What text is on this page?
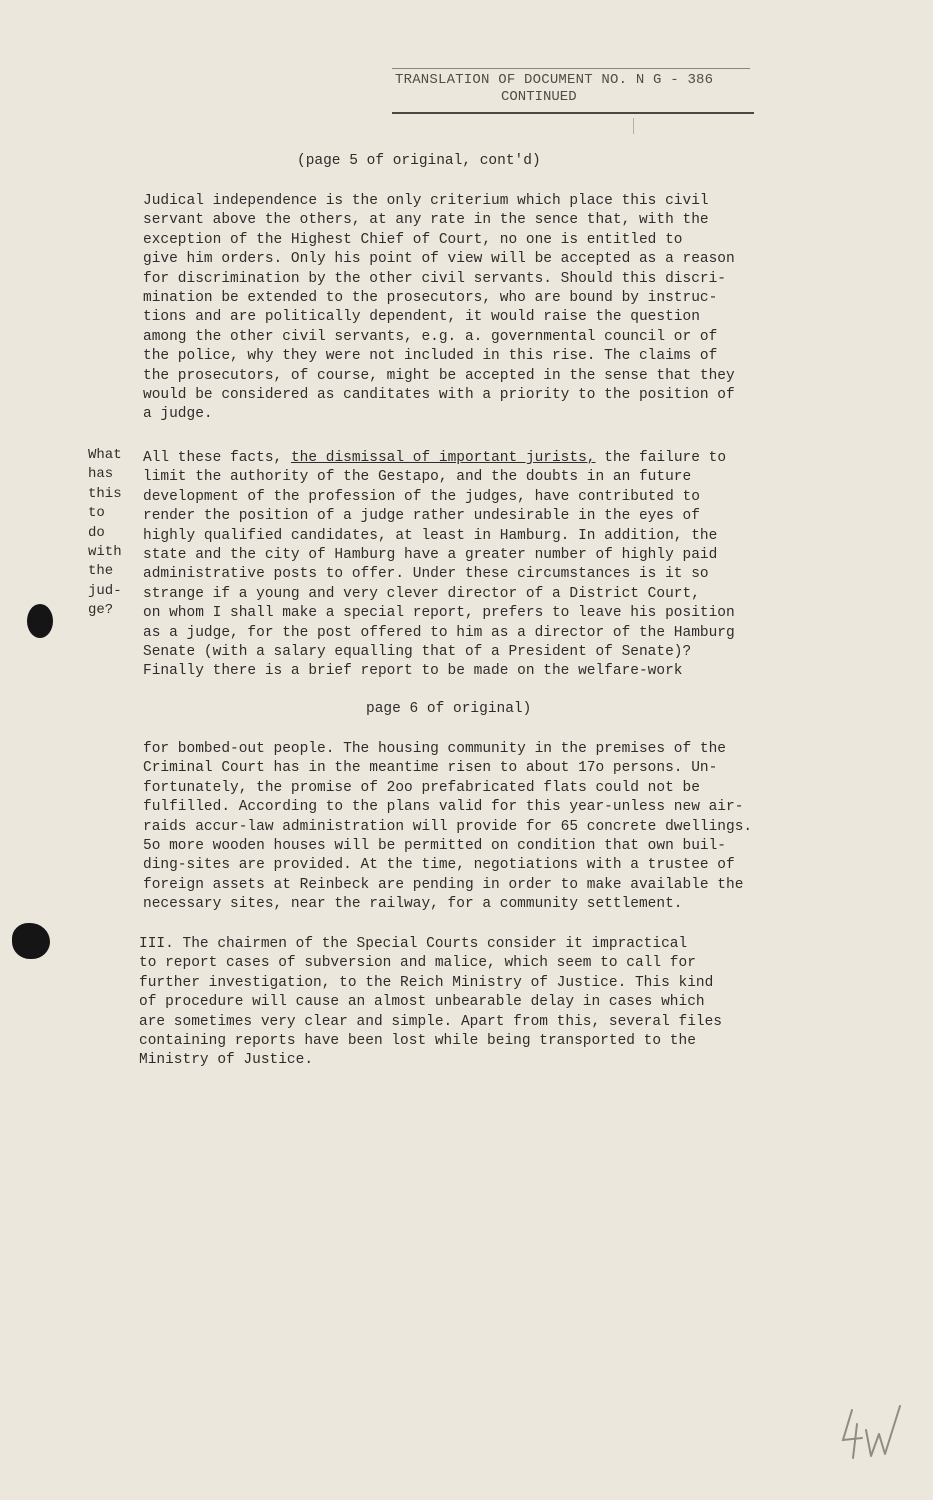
TRANSLATION OF DOCUMENT NO. N G - 386
CONTINUED
(page 5 of original, cont'd)

Judical independence is the only criterium which place this civil
servant above the others, at any rate in the sence that, with the
exception of the Highest Chief of Court, no one is entitled to
give him orders. Only his point of view will be accepted as a reason
for discrimination by the other civil servants. Should this discri-
mination be extended to the prosecutors, who are bound by instruc-
tions and are politically dependent, it would raise the question
among the other civil servants, e.g. a. governmental council or of
the police, why they were not included in this rise. The claims of
the prosecutors, of course, might be accepted in the sense that they
would be considered as canditates with a priority to the position of
a judge.

What
has
this
to
do
with
the
jud-
ge?

All these facts, the dismissal of important jurists, the failure to
limit the authority of the Gestapo, and the doubts in an future
development of the profession of the judges, have contributed to
render the position of a judge rather undesirable in the eyes of
highly qualified candidates, at least in Hamburg. In addition, the
state and the city of Hamburg have a greater number of highly paid
administrative posts to offer. Under these circumstances is it so
strange if a young and very clever director of a District Court,
on whom I shall make a special report, prefers to leave his position
as a judge, for the post offered to him as a director of the Hamburg
Senate (with a salary equalling that of a President of Senate)?
Finally there is a brief report to be made on the welfare-work

page 6 of original)

for bombed-out people. The housing community in the premises of the
Criminal Court has in the meantime risen to about 17o persons. Un-
fortunately, the promise of 2oo prefabricated flats could not be
fulfilled. According to the plans valid for this year-unless new air-
raids accur-law administration will provide for 65 concrete dwellings.
5o more wooden houses will be permitted on condition that own buil-
ding-sites are provided. At the time, negotiations with a trustee of
foreign assets at Reinbeck are pending in order to make available the
necessary sites, near the railway, for a community settlement.

III. The chairmen of the Special Courts consider it impractical
to report cases of subversion and malice, which seem to call for
further investigation, to the Reich Ministry of Justice. This kind
of procedure will cause an almost unbearable delay in cases which
are sometimes very clear and simple. Apart from this, several files
containing reports have been lost while being transported to the
Ministry of Justice.
